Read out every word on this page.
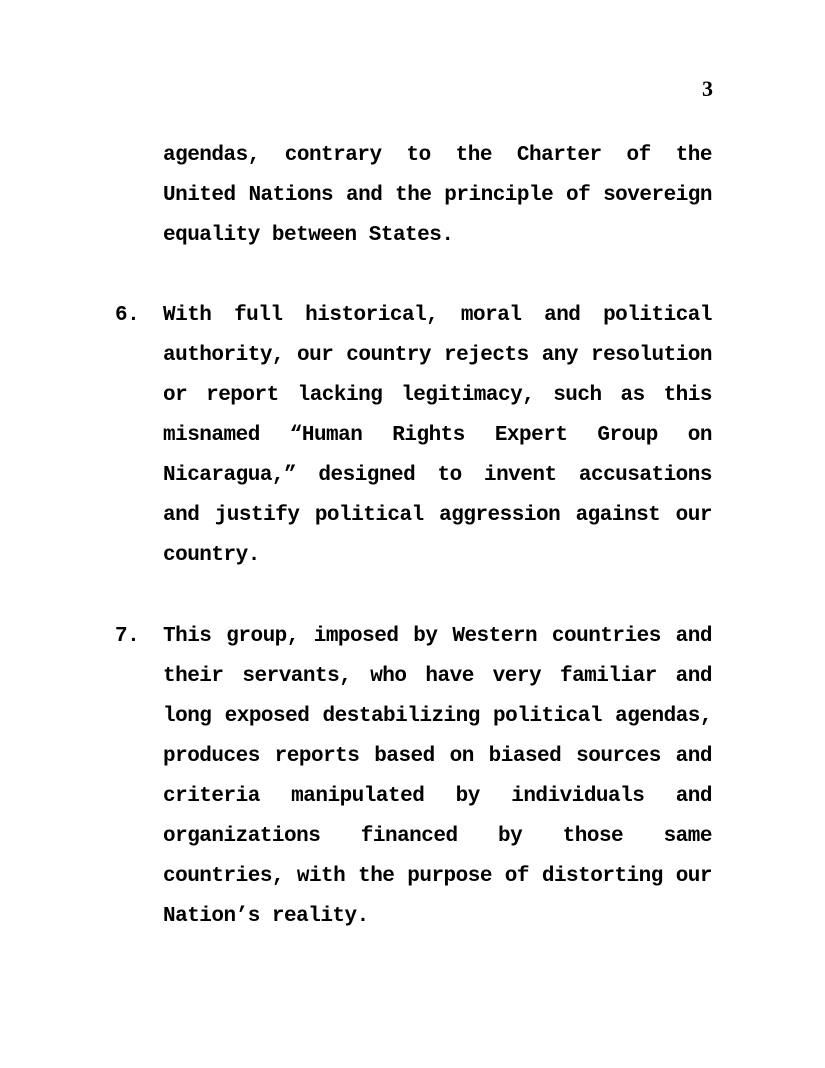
3
agendas, contrary to the Charter of the United Nations and the principle of sovereign equality between States.
6. With full historical, moral and political authority, our country rejects any resolution or report lacking legitimacy, such as this misnamed “Human Rights Expert Group on Nicaragua,” designed to invent accusations and justify political aggression against our country.
7. This group, imposed by Western countries and their servants, who have very familiar and long exposed destabilizing political agendas, produces reports based on biased sources and criteria manipulated by individuals and organizations financed by those same countries, with the purpose of distorting our Nation’s reality.
